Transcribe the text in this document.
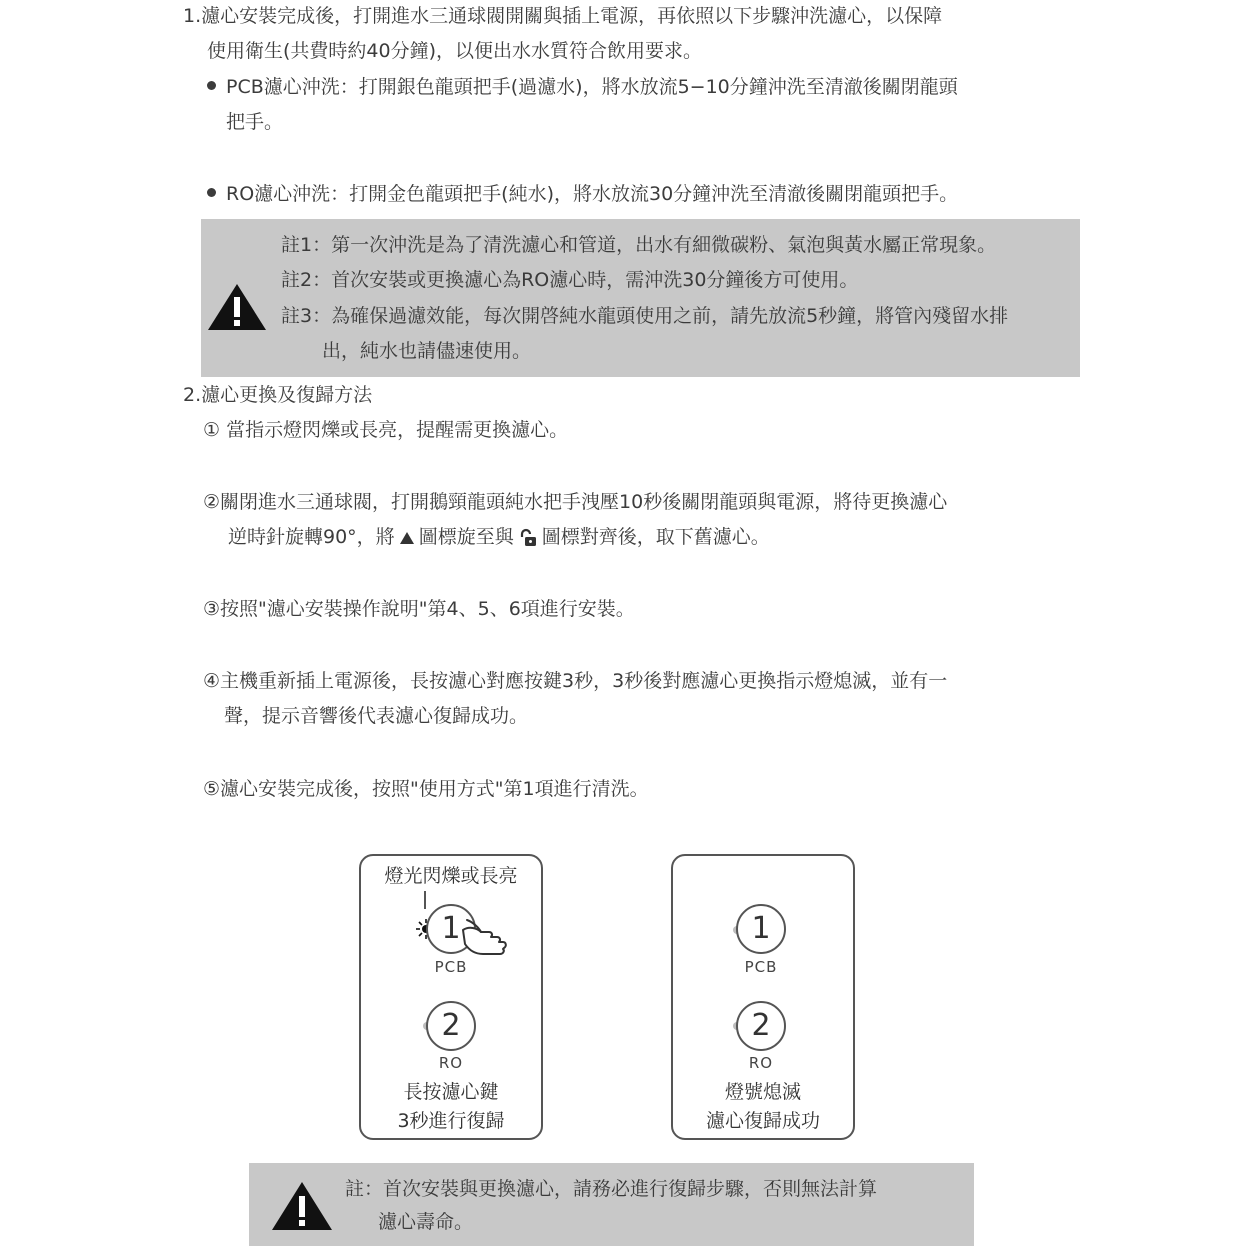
1.濾心安裝完成後，打開進水三通球閥開關與插上電源，再依照以下步驟沖洗濾心，以保障
使用衛生(共費時約40分鐘)，以便出水水質符合飲用要求。
PCB濾心沖洗：打開銀色龍頭把手(過濾水)，將水放流5−10分鐘沖洗至清澈後關閉龍頭
把手。
RO濾心沖洗：打開金色龍頭把手(純水)，將水放流30分鐘沖洗至清澈後關閉龍頭把手。
註1：第一次沖洗是為了清洗濾心和管道，出水有細微碳粉、氣泡與黃水屬正常現象。
註2：首次安裝或更換濾心為RO濾心時，需沖洗30分鐘後方可使用。
註3：為確保過濾效能，每次開啓純水龍頭使用之前，請先放流5秒鐘，將管內殘留水排
出，純水也請儘速使用。
2.濾心更換及復歸方法
① 當指示燈閃爍或長亮，提醒需更換濾心。
②關閉進水三通球閥，打開鵝頸龍頭純水把手洩壓10秒後關閉龍頭與電源，將待更換濾心
逆時針旋轉90°，將 圖標旋至與 圖標對齊後，取下舊濾心。
③按照"濾心安裝操作說明"第4、5、6項進行安裝。
④主機重新插上電源後，長按濾心對應按鍵3秒，3秒後對應濾心更換指示燈熄滅，並有一
聲，提示音響後代表濾心復歸成功。
⑤濾心安裝完成後，按照"使用方式"第1項進行清洗。
燈光閃爍或長亮
1
PCB
2
RO
長按濾心鍵
3秒進行復歸
1
PCB
2
RO
燈號熄滅
濾心復歸成功
註：首次安裝與更換濾心，請務必進行復歸步驟，否則無法計算
濾心壽命。
